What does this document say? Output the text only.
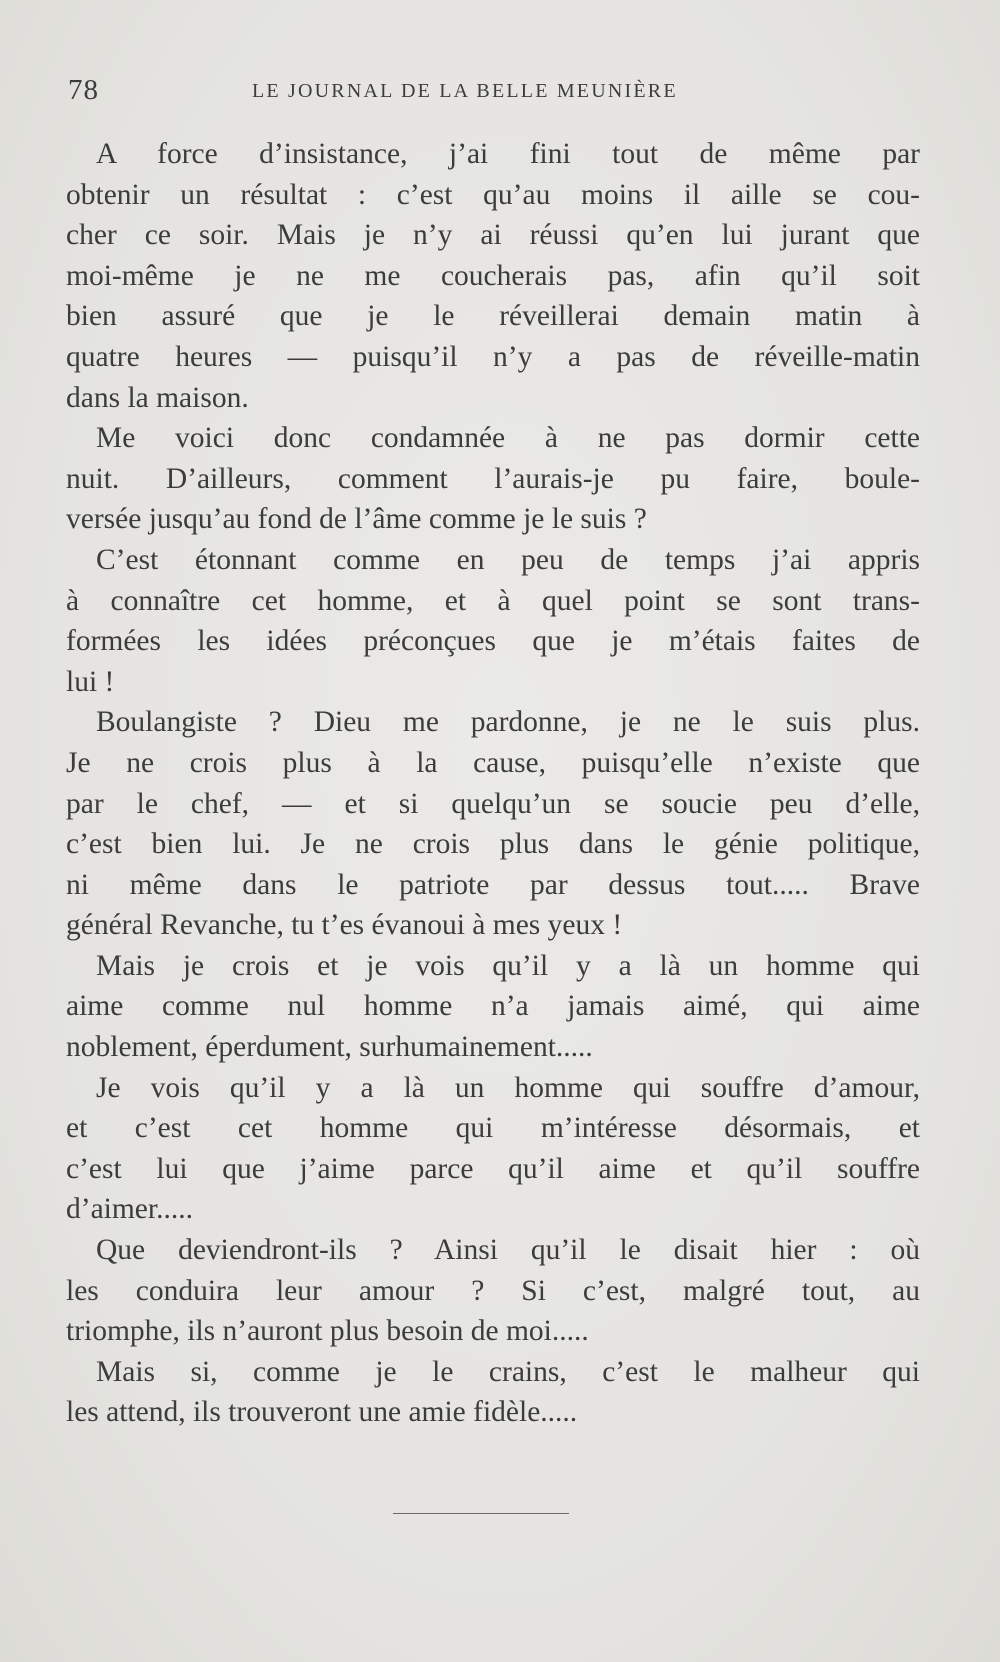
78	LE JOURNAL DE LA BELLE MEUNIÈRE
A force d’insistance, j’ai fini tout de même par
obtenir un résultat : c’est qu’au moins il aille se cou-
cher ce soir. Mais je n’y ai réussi qu’en lui jurant que
moi-même je ne me coucherais pas, afin qu’il soit
bien assuré que je le réveillerai demain matin à
quatre heures — puisqu’il n’y a pas de réveille-matin
dans la maison.
Me voici donc condamnée à ne pas dormir cette
nuit. D’ailleurs, comment l’aurais-je pu faire, boule-
versée jusqu’au fond de l’âme comme je le suis ?
C’est étonnant comme en peu de temps j’ai appris
à connaître cet homme, et à quel point se sont trans-
formées les idées préconçues que je m’étais faites de
lui !
Boulangiste ? Dieu me pardonne, je ne le suis plus.
Je ne crois plus à la cause, puisqu’elle n’existe que
par le chef, — et si quelqu’un se soucie peu d’elle,
c’est bien lui. Je ne crois plus dans le génie politique,
ni même dans le patriote par dessus tout..... Brave
général Revanche, tu t’es évanoui à mes yeux !
Mais je crois et je vois qu’il y a là un homme qui
aime comme nul homme n’a jamais aimé, qui aime
noblement, éperdument, surhumainement.....
Je vois qu’il y a là un homme qui souffre d’amour,
et c’est cet homme qui m’intéresse désormais, et
c’est lui que j’aime parce qu’il aime et qu’il souffre
d’aimer.....
Que deviendront-ils ? Ainsi qu’il le disait hier : où
les conduira leur amour ? Si c’est, malgré tout, au
triomphe, ils n’auront plus besoin de moi.....
Mais si, comme je le crains, c’est le malheur qui
les attend, ils trouveront une amie fidèle.....
